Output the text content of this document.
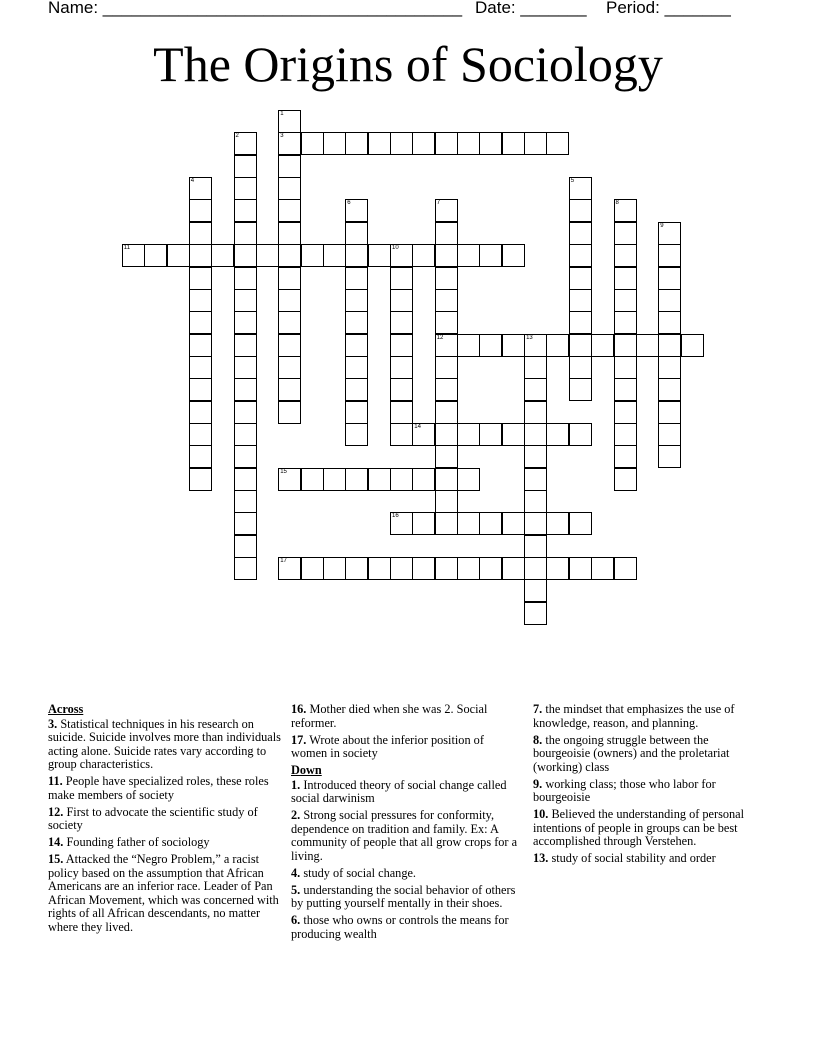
Name: ______________________________________ Date: _______ Period: _______
The Origins of Sociology
3
11	10
12	13
14
15
16
17
1
2
4	5
6	7	8
9

Across

3. Statistical techniques in his research on suicide. Suicide involves more than individuals acting alone. Suicide rates vary according to group characteristics.

11. People have specialized roles, these roles make members of society

12. First to advocate the scientific study of society

14. Founding father of sociology

15. Attacked the “Negro Problem,” a racist policy based on the assumption that African Americans are an inferior race. Leader of Pan African Movement, which was concerned with rights of all African descendants, no matter where they lived.

16. Mother died when she was 2. Social reformer.

17. Wrote about the inferior position of women in society

Down

1. Introduced theory of social change called social darwinism

2. Strong social pressures for conformity, dependence on tradition and family. Ex: A community of people that all grow crops for a living.

4. study of social change.

5. understanding the social behavior of others by putting yourself mentally in their shoes.

6. those who owns or controls the means for producing wealth

7. the mindset that emphasizes the use of knowledge, reason, and planning.

8. the ongoing struggle between the bourgeoisie (owners) and the proletariat (working) class

9. working class; those who labor for bourgeoisie

10. Believed the understanding of personal intentions of people in groups can be best accomplished through Verstehen.

13. study of social stability and order
